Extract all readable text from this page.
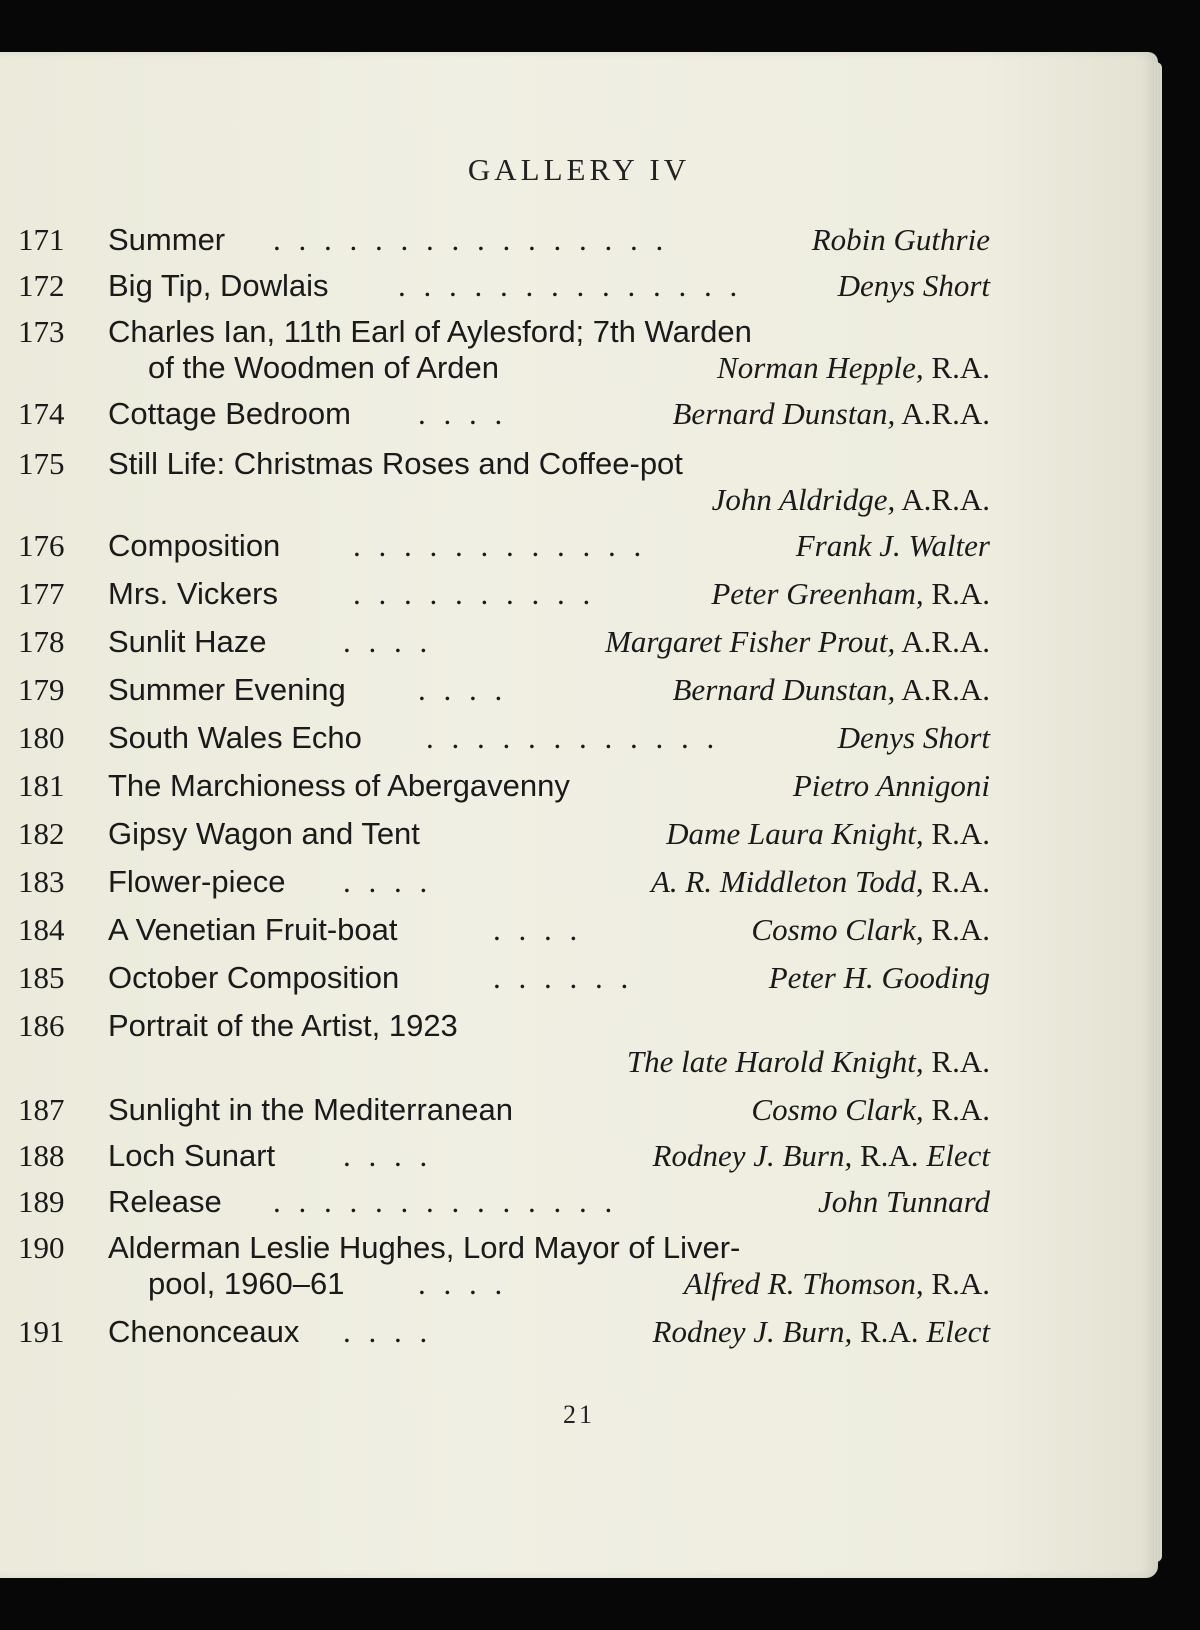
GALLERY IV
171 Summer . . . . . . . . . . . . . . . .	Robin Guthrie
172 Big Tip, Dowlais . . . . . . . . . . . . . .	Denys Short
173 Charles Ian, 11th Earl of Aylesford; 7th Warden
of the Woodmen of Arden	Norman Hepple, R.A.
174 Cottage Bedroom . . . .	Bernard Dunstan, A.R.A.
175 Still Life: Christmas Roses and Coffee-pot
John Aldridge, A.R.A.
176 Composition . . . . . . . . . . . .	Frank J. Walter
177 Mrs. Vickers . . . . . . . . . .	Peter Greenham, R.A.
178 Sunlit Haze . . . .	Margaret Fisher Prout, A.R.A.
179 Summer Evening . . . .	Bernard Dunstan, A.R.A.
180 South Wales Echo . . . . . . . . . . . .	Denys Short
181 The Marchioness of Abergavenny	Pietro Annigoni
182 Gipsy Wagon and Tent	Dame Laura Knight, R.A.
183 Flower-piece . . . .	A. R. Middleton Todd, R.A.
184 A Venetian Fruit-boat	. . . .	Cosmo Clark, R.A.
185 October Composition	. . . . . .	Peter H. Gooding
186 Portrait of the Artist, 1923
The late Harold Knight, R.A.
187 Sunlight in the Mediterranean	Cosmo Clark, R.A.
188 Loch Sunart . . . .	Rodney J. Burn, R.A. Elect
189 Release . . . . . . . . . . . . . .	John Tunnard
190 Alderman Leslie Hughes, Lord Mayor of Liver-
pool, 1960–61 . . . .	Alfred R. Thomson, R.A.
191 Chenonceaux . . . .	Rodney J. Burn, R.A. Elect
21
